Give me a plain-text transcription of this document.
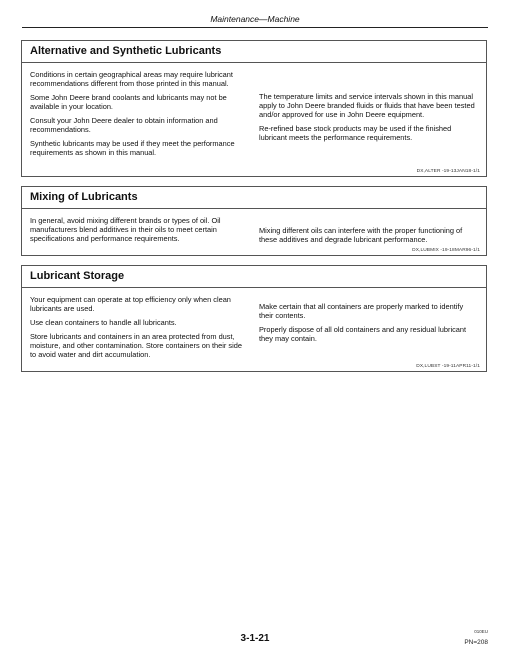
Maintenance—Machine
Alternative and Synthetic Lubricants

Conditions in certain geographical areas may require lubricant recommendations different from those printed in this manual.

Some John Deere brand coolants and lubricants may not be available in your location.

Consult your John Deere dealer to obtain information and recommendations.

Synthetic lubricants may be used if they meet the performance requirements as shown in this manual.

The temperature limits and service intervals shown in this manual apply to John Deere branded fluids or fluids that have been tested and/or approved for use in John Deere equipment.

Re-refined base stock products may be used if the finished lubricant meets the performance requirements.

DX,ALTER -19-13JAN18-1/1
Mixing of Lubricants

In general, avoid mixing different brands or types of oil. Oil manufacturers blend additives in their oils to meet certain specifications and performance requirements.

Mixing different oils can interfere with the proper functioning of these additives and degrade lubricant performance.

DX,LUBMIX -19-18MAR96-1/1
Lubricant Storage

Your equipment can operate at top efficiency only when clean lubricants are used.

Use clean containers to handle all lubricants.

Store lubricants and containers in an area protected from dust, moisture, and other contamination. Store containers on their side to avoid water and dirt accumulation.

Make certain that all containers are properly marked to identify their contents.

Properly dispose of all old containers and any residual lubricant they may contain.

DX,LUBST -19-11APR11-1/1
3-1-21
010EU
PN=208
